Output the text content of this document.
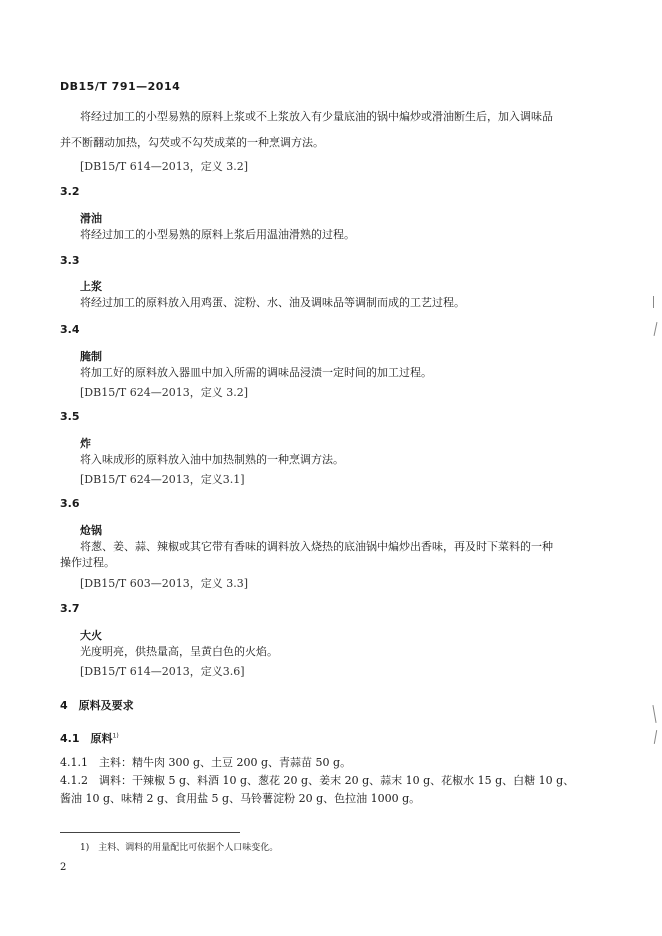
DB15/T 791—2014
将经过加工的小型易熟的原料上浆或不上浆放入有少量底油的锅中煸炒或滑油断生后，加入调味品
并不断翻动加热，勾芡或不勾芡成菜的一种烹调方法。
[DB15/T 614—2013，定义 3.2]
3.2
滑油
将经过加工的小型易熟的原料上浆后用温油滑熟的过程。
3.3
上浆
将经过加工的原料放入用鸡蛋、淀粉、水、油及调味品等调制而成的工艺过程。
3.4
腌制
将加工好的原料放入器皿中加入所需的调味品浸渍一定时间的加工过程。
[DB15/T 624—2013，定义 3.2]
3.5
炸
将入味成形的原料放入油中加热制熟的一种烹调方法。
[DB15/T 624—2013，定义3.1]
3.6
炝锅
将葱、姜、蒜、辣椒或其它带有香味的调料放入烧热的底油锅中煸炒出香味，再及时下菜料的一种
操作过程。
[DB15/T 603—2013，定义 3.3]
3.7
大火
光度明亮，供热量高，呈黄白色的火焰。
[DB15/T 614—2013，定义3.6]
4　原料及要求
4.1　原料$^{1)}$
4.1.1　主料：精牛肉 300 g、土豆 200 g、青蒜苗 50 g。
4.1.2　调料：干辣椒 5 g、料酒 10 g、葱花 20 g、姜末 20 g、蒜末 10 g、花椒水 15 g、白糖 10 g、
酱油 10 g、味精 2 g、食用盐 5 g、马铃薯淀粉 20 g、色拉油 1000 g。
1)　主料、调料的用量配比可依据个人口味变化。
2
